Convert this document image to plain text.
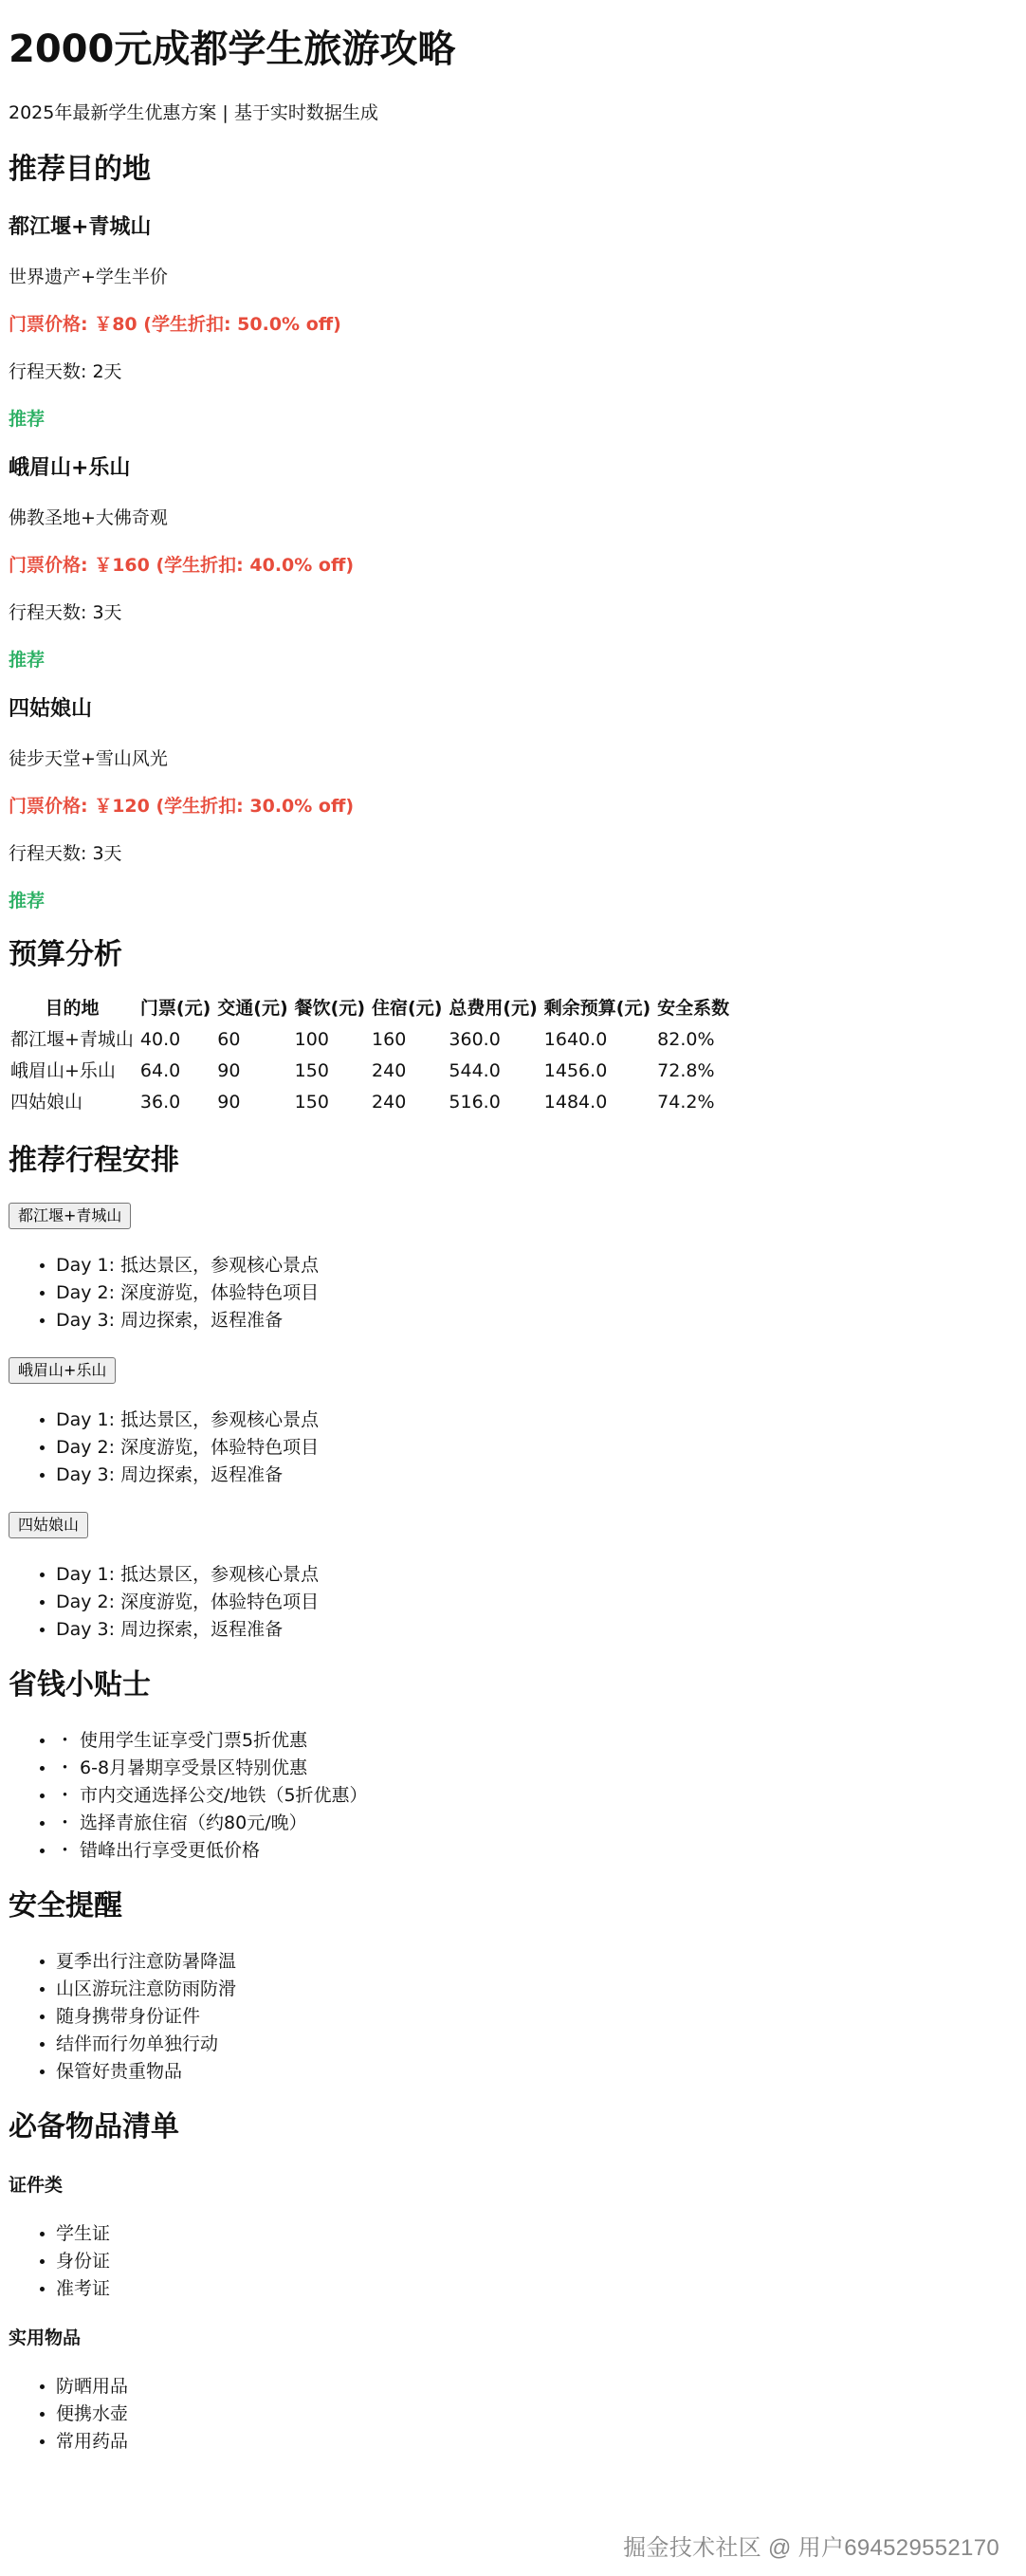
2000元成都学生旅游攻略

2025年最新学生优惠方案 | 基于实时数据生成

推荐目的地
都江堰+青城山

世界遗产+学生半价

门票价格: ￥80 (学生折扣: 50.0% off)

行程天数: 2天

推荐

峨眉山+乐山

佛教圣地+大佛奇观

门票价格: ￥160 (学生折扣: 40.0% off)

行程天数: 3天

推荐

四姑娘山

徒步天堂+雪山风光

门票价格: ￥120 (学生折扣: 30.0% off)

行程天数: 3天

推荐

预算分析
目的地	门票(元)	交通(元)	餐饮(元)	住宿(元)	总费用(元)	剩余预算(元)	安全系数
都江堰+青城山	40.0	60	100	160	360.0	1640.0	82.0%
峨眉山+乐山	64.0	90	150	240	544.0	1456.0	72.8%
四姑娘山	36.0	90	150	240	516.0	1484.0	74.2%
推荐行程安排
都江堰+青城山
• Day 1: 抵达景区，参观核心景点
• Day 2: 深度游览，体验特色项目
• Day 3: 周边探索，返程准备
峨眉山+乐山
• Day 1: 抵达景区，参观核心景点
• Day 2: 深度游览，体验特色项目
• Day 3: 周边探索，返程准备
四姑娘山
• Day 1: 抵达景区，参观核心景点
• Day 2: 深度游览，体验特色项目
• Day 3: 周边探索，返程准备
省钱小贴士
• ・ 使用学生证享受门票5折优惠
• ・ 6-8月暑期享受景区特别优惠
• ・ 市内交通选择公交/地铁（5折优惠）
• ・ 选择青旅住宿（约80元/晚）
• ・ 错峰出行享受更低价格
安全提醒
• 夏季出行注意防暑降温
• 山区游玩注意防雨防滑
• 随身携带身份证件
• 结伴而行勿单独行动
• 保管好贵重物品
必备物品清单
证件类
• 学生证
• 身份证
• 准考证
实用物品
• 防晒用品
• 便携水壶
• 常用药品
掘金技术社区 @ 用户694529552170
